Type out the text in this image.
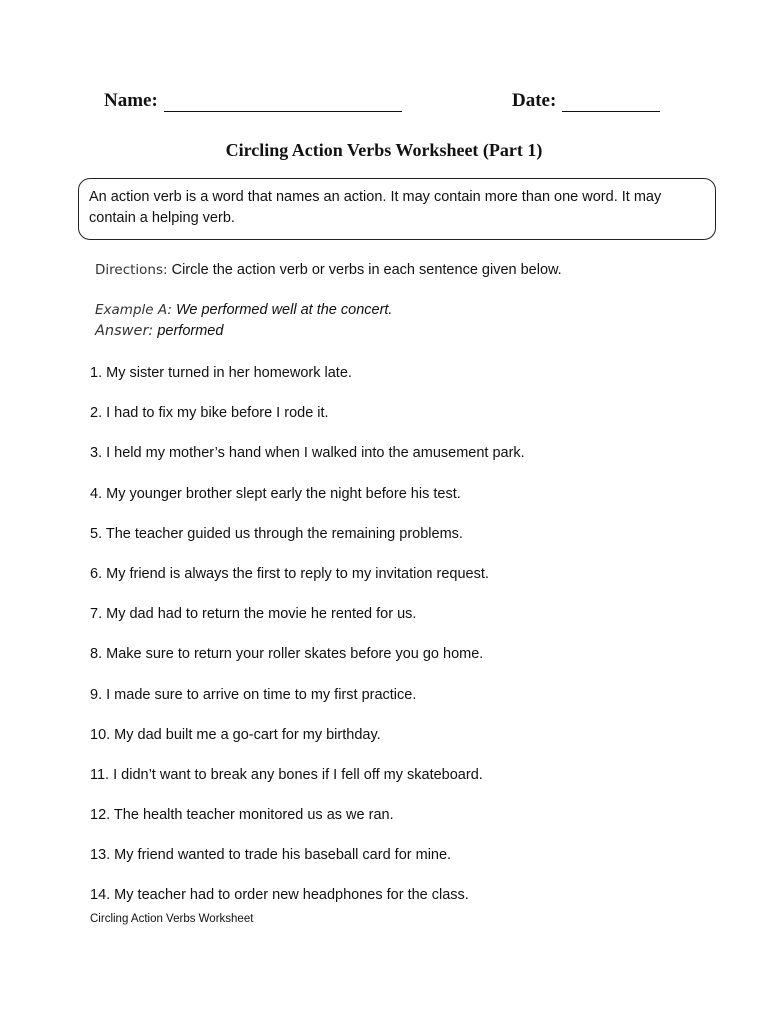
Name:	Date:
Circling Action Verbs Worksheet (Part 1)
An action verb is a word that names an action. It may contain more than one word. It may contain a helping verb.
Directions: Circle the action verb or verbs in each sentence given below.
Example A: We performed well at the concert.
Answer: performed
1. My sister turned in her homework late.
2. I had to fix my bike before I rode it.
3. I held my mother’s hand when I walked into the amusement park.
4. My younger brother slept early the night before his test.
5. The teacher guided us through the remaining problems.
6. My friend is always the first to reply to my invitation request.
7. My dad had to return the movie he rented for us.
8. Make sure to return your roller skates before you go home.
9. I made sure to arrive on time to my first practice.
10. My dad built me a go-cart for my birthday.
11. I didn’t want to break any bones if I fell off my skateboard.
12. The health teacher monitored us as we ran.
13. My friend wanted to trade his baseball card for mine.
14. My teacher had to order new headphones for the class.
Circling Action Verbs Worksheet
